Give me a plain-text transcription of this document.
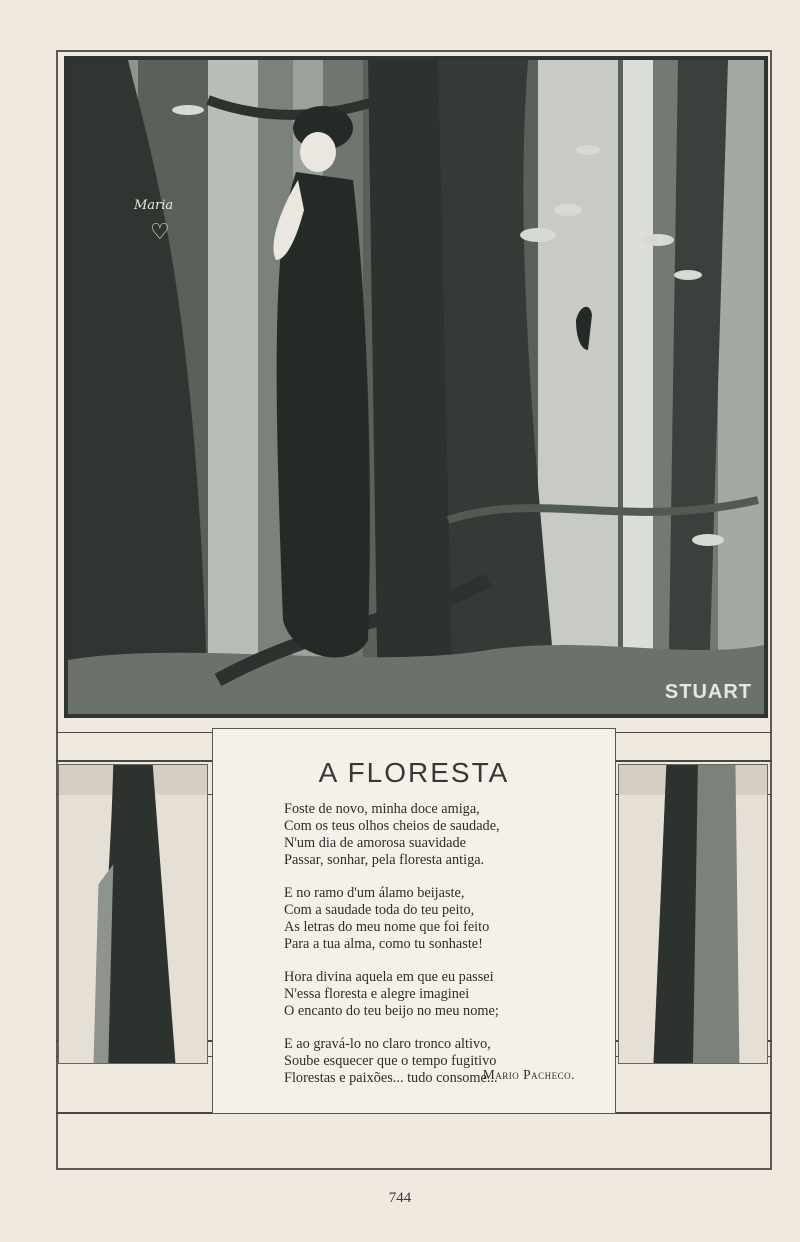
Maria
♡
STUART
A FLORESTA
Foste de novo, minha doce amiga,
Com os teus olhos cheios de saudade,
N'um dia de amorosa suavidade
Passar, sonhar, pela floresta antiga.
E no ramo d'um álamo beijaste,
Com a saudade toda do teu peito,
As letras do meu nome que foi feito
Para a tua alma, como tu sonhaste!
Hora divina aquela em que eu passei
N'essa floresta e alegre imaginei
O encanto do teu beijo no meu nome;
E ao gravá-lo no claro tronco altivo,
Soube esquecer que o tempo fugitivo
Florestas e paixões... tudo consome...
Mario Pacheco.
744
